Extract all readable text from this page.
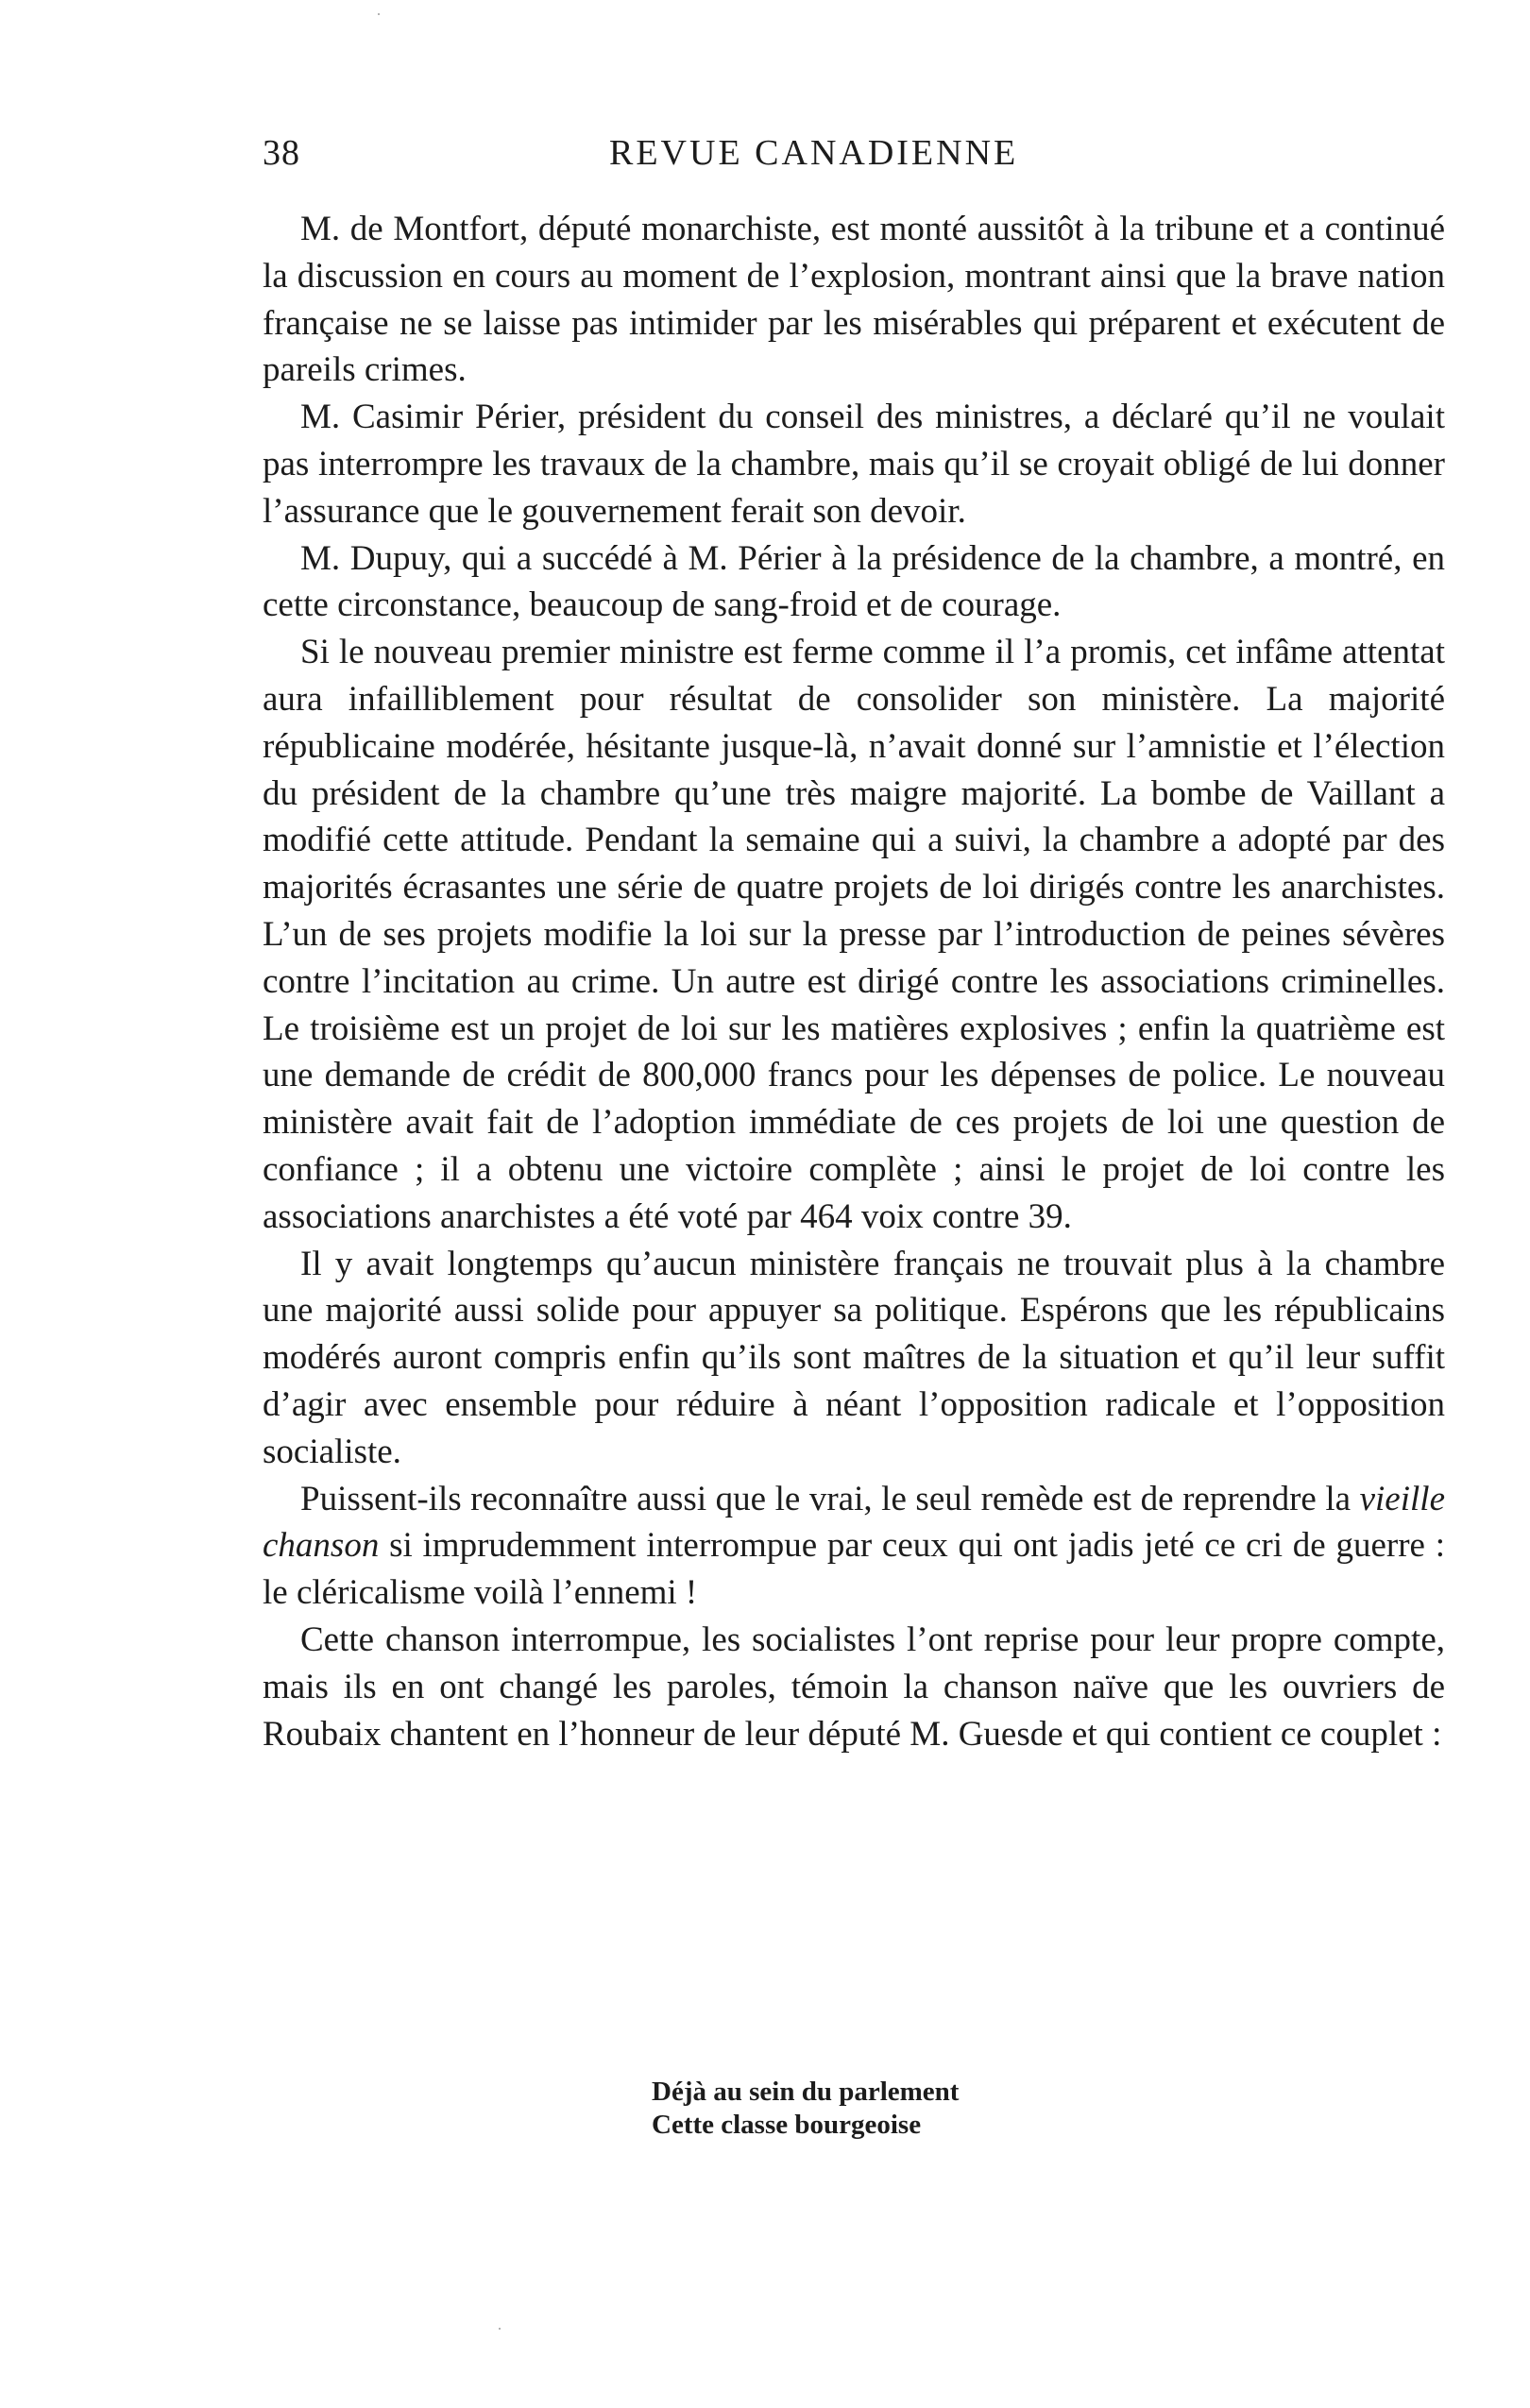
38	REVUE CANADIENNE

M. de Montfort, député monarchiste, est monté aussitôt à la tribune et a continué la discussion en cours au moment de l’explosion, montrant ainsi que la brave nation française ne se laisse pas intimider par les misérables qui préparent et exécutent de pareils crimes.

M. Casimir Périer, président du conseil des ministres, a déclaré qu’il ne voulait pas interrompre les travaux de la chambre, mais qu’il se croyait obligé de lui donner l’assurance que le gouvernement ferait son devoir.

M. Dupuy, qui a succédé à M. Périer à la présidence de la chambre, a montré, en cette circonstance, beaucoup de sang-froid et de courage.

Si le nouveau premier ministre est ferme comme il l’a promis, cet infâme attentat aura infailliblement pour résultat de consolider son ministère. La majorité républicaine modérée, hésitante jusque-là, n’avait donné sur l’amnistie et l’élection du président de la chambre qu’une très maigre majorité. La bombe de Vaillant a modifié cette attitude. Pendant la semaine qui a suivi, la chambre a adopté par des majorités écrasantes une série de quatre projets de loi dirigés contre les anarchistes. L’un de ses projets modifie la loi sur la presse par l’introduction de peines sévères contre l’incitation au crime. Un autre est dirigé contre les associations criminelles. Le troisième est un projet de loi sur les matières explosives ; enfin la quatrième est une demande de crédit de 800,000 francs pour les dépenses de police. Le nouveau ministère avait fait de l’adoption immédiate de ces projets de loi une question de confiance ; il a obtenu une victoire complète ; ainsi le projet de loi contre les associations anarchistes a été voté par 464 voix contre 39.

Il y avait longtemps qu’aucun ministère français ne trouvait plus à la chambre une majorité aussi solide pour appuyer sa politique. Espérons que les républicains modérés auront compris enfin qu’ils sont maîtres de la situation et qu’il leur suffit d’agir avec ensemble pour réduire à néant l’opposition radicale et l’opposition socialiste.

Puissent-ils reconnaître aussi que le vrai, le seul remède est de reprendre la vieille chanson si imprudemment interrompue par ceux qui ont jadis jeté ce cri de guerre : le cléricalisme voilà l’ennemi !

Cette chanson interrompue, les socialistes l’ont reprise pour leur propre compte, mais ils en ont changé les paroles, témoin la chanson naïve que les ouvriers de Roubaix chantent en l’honneur de leur député M. Guesde et qui contient ce couplet :

Déjà au sein du parlement
Cette classe bourgeoise
